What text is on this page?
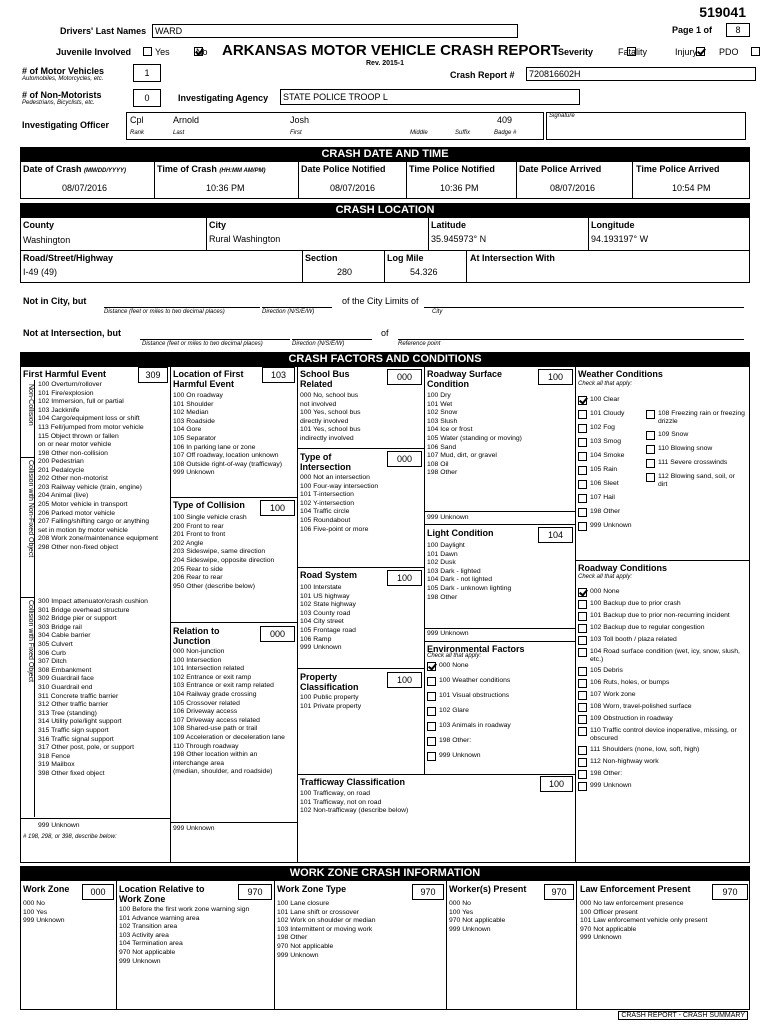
519041
Page 1 of	8
Drivers' Last Names WARD
Juvenile Involved
	Yes
	No ARKANSAS MOTOR VEHICLE CRASH REPORT
Rev. 2015-1
Severity
	Fatality
	Injury PDO
# of Motor Vehicles
Automobiles, Motorcycles, etc.
1	Crash Report #	720816602H
# of Non-Motorists
Pedestrians, Bicyclists, etc.	0	Investigating Agency	STATE POLICE TROOP L
Investigating Officer Cpl	Arnold	Josh	409
Rank	Last	First	Middle	Suffix	Badge #
Signature
CRASH DATE AND TIME
Date of Crash (MM/DD/YYYY)	Time of Crash (HH:MM AM/PM)	Date Police Notified	Time Police Notified	Date Police Arrived	Time Police Arrived
08/07/2016	10:36 PM	08/07/2016	10:36 PM	08/07/2016	10:54 PM
CRASH LOCATION
County
Washington
City
Rural Washington
Latitude
35.945973° N
Longitude
94.193197° W
Road/Street/Highway
I-49 (49)
Section
280
Log Mile
54.326
At Intersection With
Not in City, but	of the City Limits of
Distance (feet or miles to two decimal places)	Direction (N/S/E/W)	City
Not at Intersection, but	of
Distance (feet or miles to two decimal places)	Direction (N/S/E/W)	Reference point
CRASH FACTORS AND CONDITIONS
First Harmful Event	309
Non-Collision
Collision with Non-Fixed Object
Collision with Fixed Object
100 Overturn/rollover
101 Fire/explosion
102 Immersion, full or partial
103 Jackknife
104 Cargo/equipment loss or shift
113 Fell/jumped from motor vehicle
115 Object thrown or fallen
on or near motor vehicle
198 Other non-collision
200 Pedestrian
201 Pedalcycle
202 Other non-motorist
203 Railway vehicle (train, engine)
204 Animal (live)
205 Motor vehicle in transport
206 Parked motor vehicle
207 Falling/shifting cargo or anything
set in motion by motor vehicle
208 Work zone/maintenance equipment
298 Other non-fixed object
300 Impact attenuator/crash cushion
301 Bridge overhead structure
302 Bridge pier or support
303 Bridge rail
304 Cable barrier
305 Culvert
306 Curb
307 Ditch
308 Embankment
309 Guardrail face
310 Guardrail end
311 Concrete traffic barrier
312 Other traffic barrier
313 Tree (standing)
314 Utility pole/light support
315 Traffic sign support
316 Traffic signal support
317 Other post, pole, or support
318 Fence
319 Mailbox
398 Other fixed object
999 Unknown
# 198, 298, or 398, describe below:
Location of First Harmful Event
103
100 On roadway
101 Shoulder
102 Median
103 Roadside
104 Gore
105 Separator
106 In parking lane or zone
107 Off roadway, location unknown
108 Outside right-of-way (trafficway)
999 Unknown
Type of Collision	100
100 Single vehicle crash
200 Front to rear
201 Front to front
202 Angle
203 Sideswipe, same direction
204 Sideswipe, opposite direction
205 Rear to side
206 Rear to rear
950 Other (describe below)
Relation to Junction
000
000 Non-junction
100 Intersection
101 Intersection related
102 Entrance or exit ramp
103 Entrance or exit ramp related
104 Railway grade crossing
105 Crossover related
106 Driveway access
107 Driveway access related
108 Shared-use path or trail
109 Acceleration or deceleration lane
110 Through roadway
198 Other location within an
interchange area
(median, shoulder, and roadside)
999 Unknown
School Bus Related
000
000 No, school bus
not involved
100 Yes, school bus
directly involved
101 Yes, school bus
indirectly involved
Type of Intersection
000
000 Not an intersection
100 Four-way intersection
101 T-intersection
102 Y-intersection
104 Traffic circle
105 Roundabout
106 Five-point or more
Road System	100
100 Interstate
101 US highway
102 State highway
103 County road
104 City street
105 Frontage road
106 Ramp
999 Unknown
Property Classification
100
100 Public property
101 Private property
Trafficway Classification	100
100 Trafficway, on road
101 Trafficway, not on road
102 Non-trafficway (describe below)
Roadway Surface Condition
100
100 Dry
101 Wet
102 Snow
103 Slush
104 Ice or frost
105 Water (standing or moving)
106 Sand
107 Mud, dirt, or gravel
108 Oil
198 Other
999 Unknown
Light Condition	104
100 Daylight
101 Dawn
102 Dusk
103 Dark - lighted
104 Dark - not lighted
105 Dark - unknown lighting
198 Other
999 Unknown
Environmental Factors
Check all that apply:
000 None
100 Weather conditions
101 Visual obstructions
102 Glare
103 Animals in roadway
198 Other:
999 Unknown
Weather Conditions
Check all that apply:
100 Clear
101 Cloudy
102 Fog
103 Smog
104 Smoke
105 Rain
106 Sleet
107 Hail
198 Other
999 Unknown
108 Freezing rain or freezing drizzle
109 Snow
110 Blowing snow
111 Severe crosswinds
112 Blowing sand, soil, or dirt
Roadway Conditions
Check all that apply:
000 None
100 Backup due to prior crash
101 Backup due to prior non-recurring incident
102 Backup due to regular congestion
103 Toll booth / plaza related
104 Road surface condition (wet, icy, snow, slush, etc.)
105 Debris
106 Ruts, holes, or bumps
107 Work zone
108 Worn, travel-polished surface
109 Obstruction in roadway
110 Traffic control device inoperative, missing, or obscured
111 Shoulders (none, low, soft, high)
112 Non-highway work
198 Other:
999 Unknown
WORK ZONE CRASH INFORMATION
Work Zone	000
000 No
100 Yes
999 Unknown
Location Relative to Work Zone
970
100 Before the first work zone warning sign
101 Advance warning area
102 Transition area
103 Activity area
104 Termination area
970 Not applicable
999 Unknown
Work Zone Type	970
100 Lane closure
101 Lane shift or crossover
102 Work on shoulder or median
103 Intermittent or moving work
198 Other
970 Not applicable
999 Unknown
Worker(s) Present	970
000 No
100 Yes
970 Not applicable
999 Unknown
Law Enforcement Present	970
000 No law enforcement presence
100 Officer present
101 Law enforcement vehicle only present
970 Not applicable
999 Unknown
CRASH REPORT - CRASH SUMMARY
